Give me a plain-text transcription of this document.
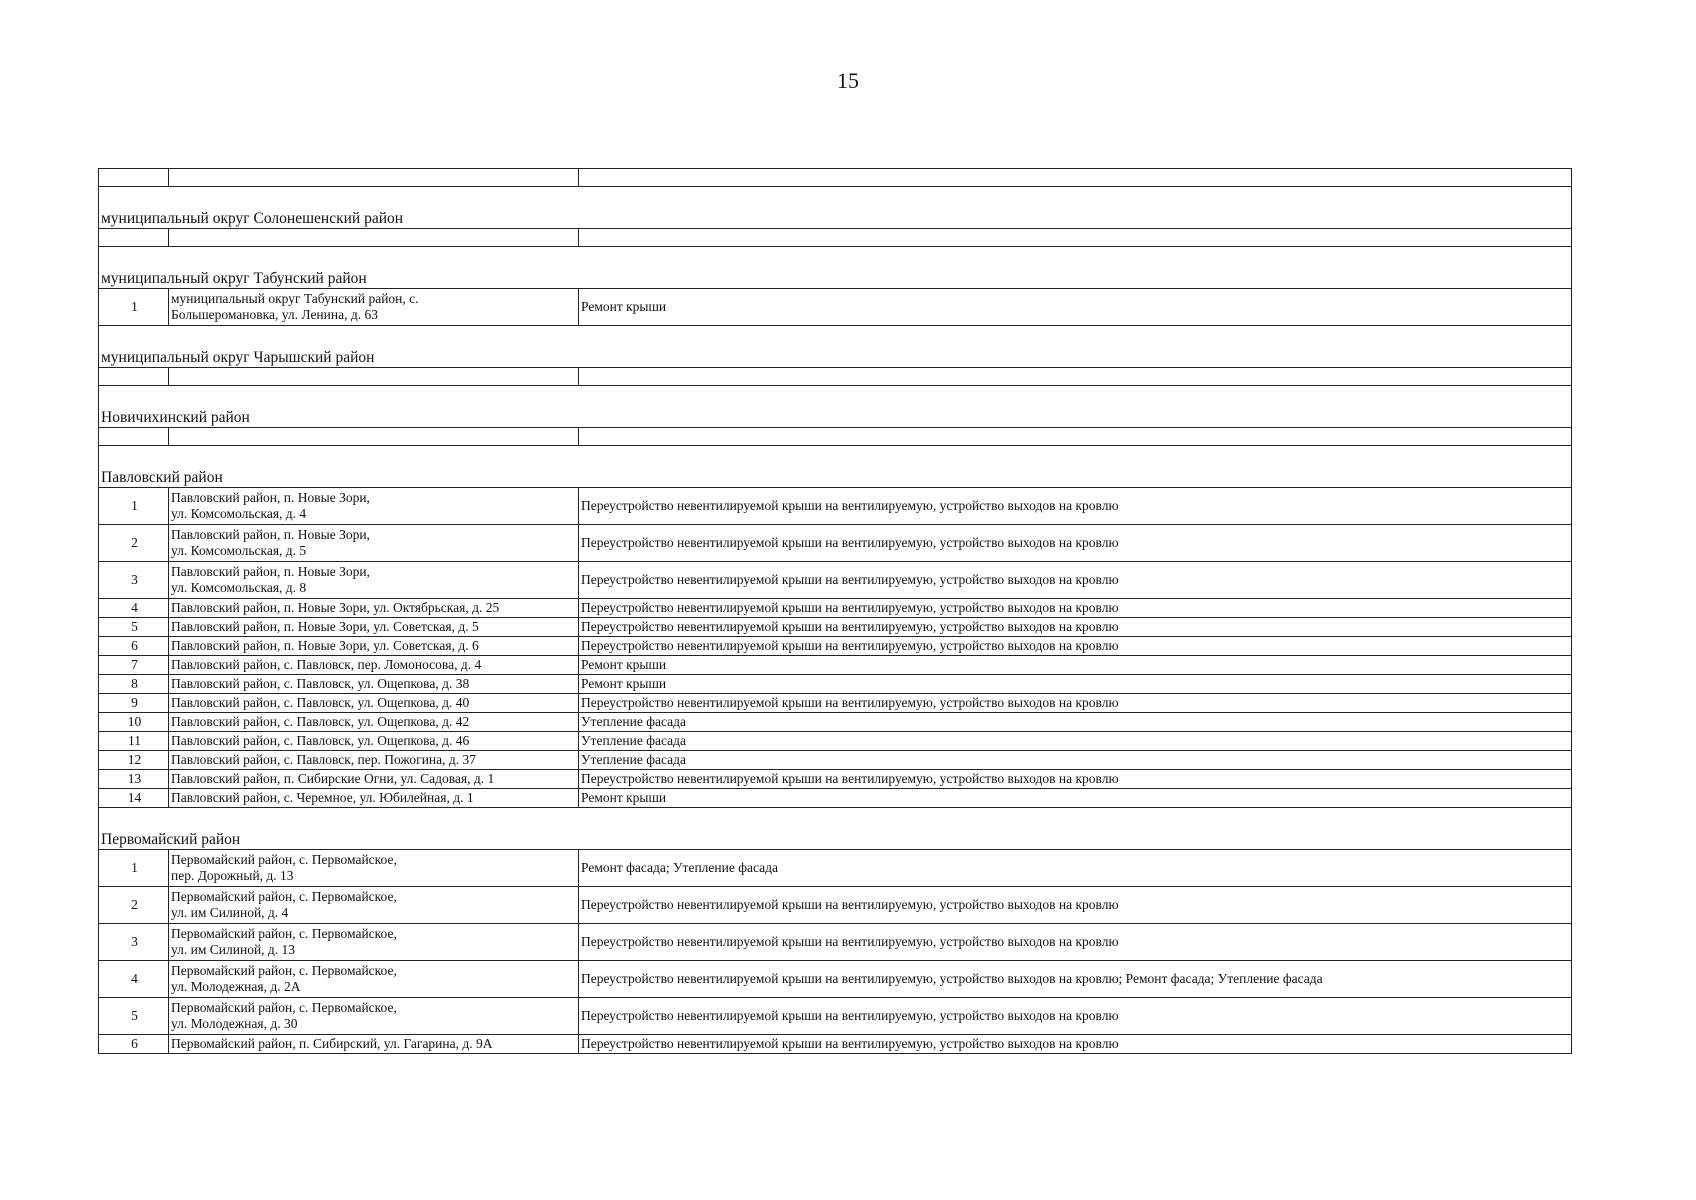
15

муниципальный округ Солонешенский район		

муниципальный округ Табунский район		
1	муниципальный округ Табунский район, с.
Большеромановка, ул. Ленина, д. 63	Ремонт крыши
муниципальный округ Чарышский район		

Новичихинский район		

Павловский район		
1	Павловский район, п. Новые Зори,
ул. Комсомольская, д. 4	Переустройство невентилируемой крыши на вентилируемую, устройство выходов на кровлю
2	Павловский район, п. Новые Зори,
ул. Комсомольская, д. 5	Переустройство невентилируемой крыши на вентилируемую, устройство выходов на кровлю
3	Павловский район, п. Новые Зори,
ул. Комсомольская, д. 8	Переустройство невентилируемой крыши на вентилируемую, устройство выходов на кровлю
4	Павловский район, п. Новые Зори, ул. Октябрьская, д. 25	Переустройство невентилируемой крыши на вентилируемую, устройство выходов на кровлю
5	Павловский район, п. Новые Зори, ул. Советская, д. 5	Переустройство невентилируемой крыши на вентилируемую, устройство выходов на кровлю
6	Павловский район, п. Новые Зори, ул. Советская, д. 6	Переустройство невентилируемой крыши на вентилируемую, устройство выходов на кровлю
7	Павловский район, с. Павловск, пер. Ломоносова, д. 4	Ремонт крыши
8	Павловский район, с. Павловск, ул. Ощепкова, д. 38	Ремонт крыши
9	Павловский район, с. Павловск, ул. Ощепкова, д. 40	Переустройство невентилируемой крыши на вентилируемую, устройство выходов на кровлю
10	Павловский район, с. Павловск, ул. Ощепкова, д. 42	Утепление фасада
11	Павловский район, с. Павловск, ул. Ощепкова, д. 46	Утепление фасада
12	Павловский район, с. Павловск, пер. Пожогина, д. 37	Утепление фасада
13	Павловский район, п. Сибирские Огни, ул. Садовая, д. 1	Переустройство невентилируемой крыши на вентилируемую, устройство выходов на кровлю
14	Павловский район, с. Черемное, ул. Юбилейная, д. 1	Ремонт крыши
Первомайский район		
1	Первомайский район, с. Первомайское,
пер. Дорожный, д. 13	Ремонт фасада; Утепление фасада
2	Первомайский район, с. Первомайское,
ул. им Силиной, д. 4	Переустройство невентилируемой крыши на вентилируемую, устройство выходов на кровлю
3	Первомайский район, с. Первомайское,
ул. им Силиной, д. 13	Переустройство невентилируемой крыши на вентилируемую, устройство выходов на кровлю
4	Первомайский район, с. Первомайское,
ул. Молодежная, д. 2А	Переустройство невентилируемой крыши на вентилируемую, устройство выходов на кровлю; Ремонт фасада; Утепление фасада
5	Первомайский район, с. Первомайское,
ул. Молодежная, д. 30	Переустройство невентилируемой крыши на вентилируемую, устройство выходов на кровлю
6	Первомайский район, п. Сибирский, ул. Гагарина, д. 9А	Переустройство невентилируемой крыши на вентилируемую, устройство выходов на кровлю
